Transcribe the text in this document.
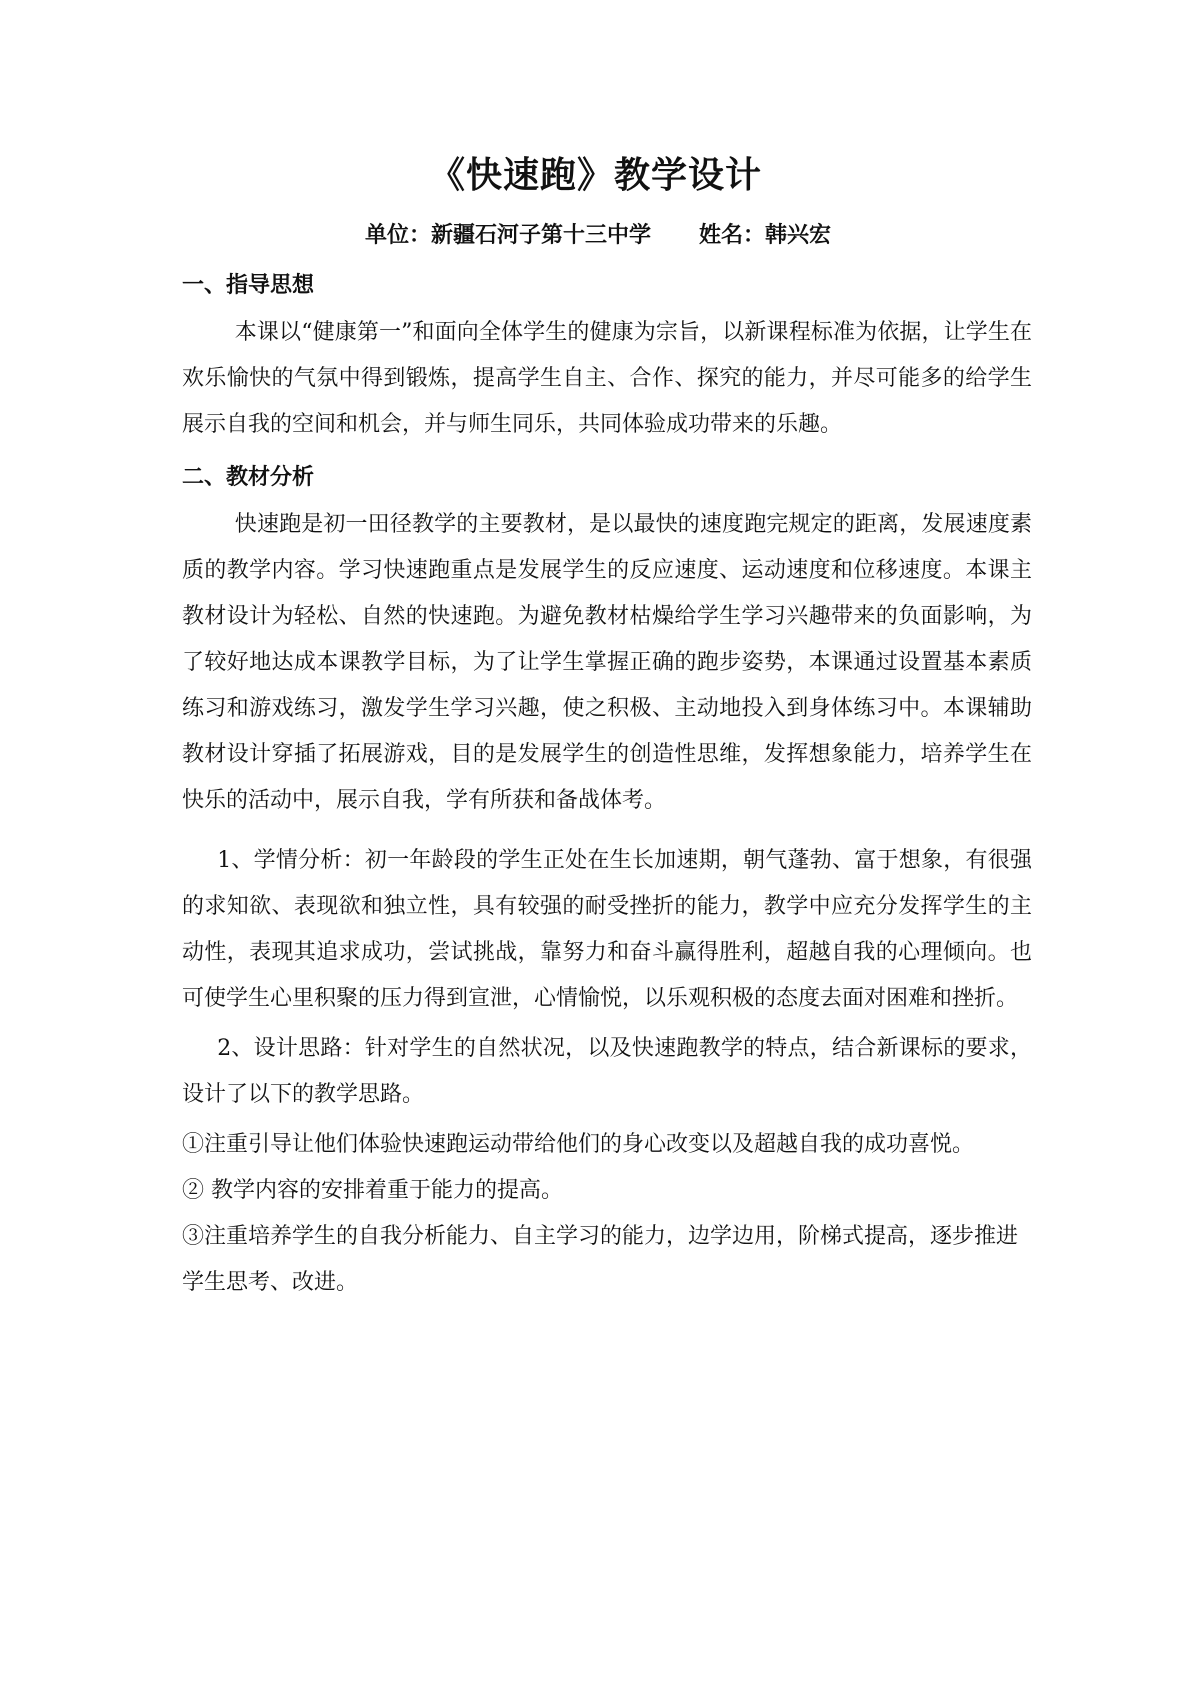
《快速跑》教学设计
单位：新疆石河子第十三中学 姓名：韩兴宏
一、指导思想

本课以“健康第一”和面向全体学生的健康为宗旨，以新课程标准为依据，让学生在欢乐愉快的气氛中得到锻炼，提高学生自主、合作、探究的能力，并尽可能多的给学生展示自我的空间和机会，并与师生同乐，共同体验成功带来的乐趣。

二、教材分析

快速跑是初一田径教学的主要教材，是以最快的速度跑完规定的距离，发展速度素质的教学内容。学习快速跑重点是发展学生的反应速度、运动速度和位移速度。本课主教材设计为轻松、自然的快速跑。为避免教材枯燥给学生学习兴趣带来的负面影响，为了较好地达成本课教学目标，为了让学生掌握正确的跑步姿势，本课通过设置基本素质练习和游戏练习，激发学生学习兴趣，使之积极、主动地投入到身体练习中。本课辅助教材设计穿插了拓展游戏，目的是发展学生的创造性思维，发挥想象能力，培养学生在快乐的活动中，展示自我，学有所获和备战体考。

1、学情分析：初一年龄段的学生正处在生长加速期，朝气蓬勃、富于想象，有很强的求知欲、表现欲和独立性，具有较强的耐受挫折的能力，教学中应充分发挥学生的主动性，表现其追求成功，尝试挑战，靠努力和奋斗赢得胜利，超越自我的心理倾向。也可使学生心里积聚的压力得到宣泄，心情愉悦，以乐观积极的态度去面对困难和挫折。

2、设计思路：针对学生的自然状况，以及快速跑教学的特点，结合新课标的要求，设计了以下的教学思路。

①注重引导让他们体验快速跑运动带给他们的身心改变以及超越自我的成功喜悦。

② 教学内容的安排着重于能力的提高。

③注重培养学生的自我分析能力、自主学习的能力，边学边用，阶梯式提高，逐步推进学生思考、改进。
